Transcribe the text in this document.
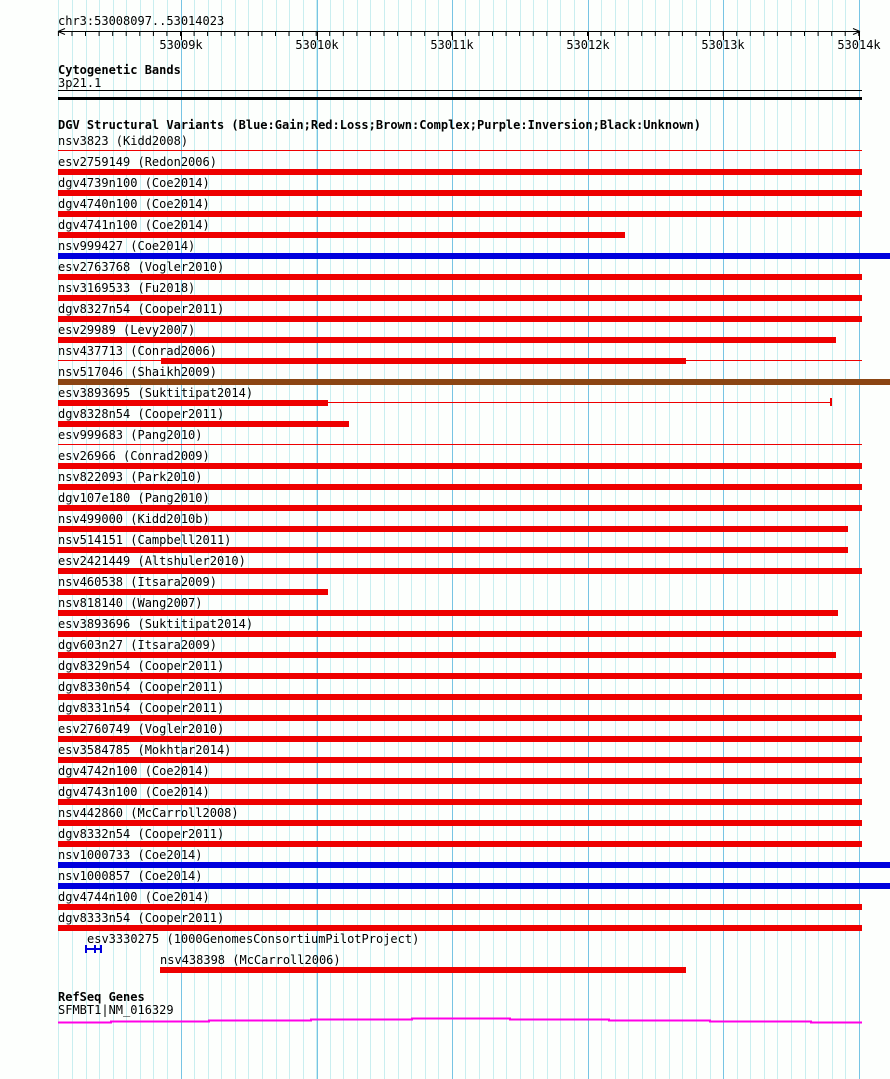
chr3:53008097..53014023
53009k	53010k	53011k	53012k	53013k	53014k
Cytogenetic Bands
3p21.1
DGV Structural Variants (Blue:Gain;Red:Loss;Brown:Complex;Purple:Inversion;Black:Unknown)
nsv3823 (Kidd2008)
esv2759149 (Redon2006)
dgv4739n100 (Coe2014)
dgv4740n100 (Coe2014)
dgv4741n100 (Coe2014)
nsv999427 (Coe2014)
esv2763768 (Vogler2010)
nsv3169533 (Fu2018)
dgv8327n54 (Cooper2011)
esv29989 (Levy2007)
nsv437713 (Conrad2006)
nsv517046 (Shaikh2009)
esv3893695 (Suktitipat2014)
dgv8328n54 (Cooper2011)
esv999683 (Pang2010)
esv26966 (Conrad2009)
nsv822093 (Park2010)
dgv107e180 (Pang2010)
nsv499000 (Kidd2010b)
nsv514151 (Campbell2011)
esv2421449 (Altshuler2010)
nsv460538 (Itsara2009)
nsv818140 (Wang2007)
esv3893696 (Suktitipat2014)
dgv603n27 (Itsara2009)
dgv8329n54 (Cooper2011)
dgv8330n54 (Cooper2011)
dgv8331n54 (Cooper2011)
esv2760749 (Vogler2010)
esv3584785 (Mokhtar2014)
dgv4742n100 (Coe2014)
dgv4743n100 (Coe2014)
nsv442860 (McCarroll2008)
dgv8332n54 (Cooper2011)
nsv1000733 (Coe2014)
nsv1000857 (Coe2014)
dgv4744n100 (Coe2014)
dgv8333n54 (Cooper2011)
esv3330275 (1000GenomesConsortiumPilotProject)
nsv438398 (McCarroll2006)
RefSeq Genes
SFMBT1|NM_016329
